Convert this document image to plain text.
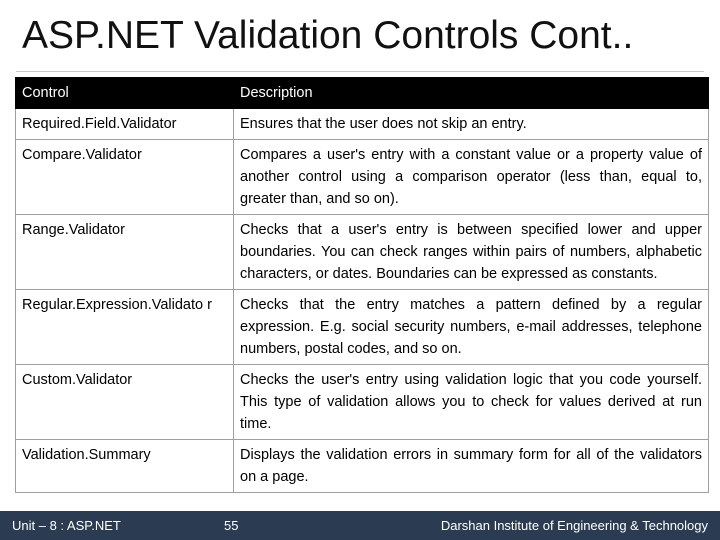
ASP.NET Validation Controls Cont..
Control	Description
Required.Field.Validator	Ensures that the user does not skip an entry.
Compare.Validator	Compares a user's entry with a constant value or a property value of another control using a comparison operator (less than, equal to, greater than, and so on).
Range.Validator	Checks that a user's entry is between specified lower and upper boundaries. You can check ranges within pairs of numbers, alphabetic characters, or dates. Boundaries can be expressed as constants.
Regular.Expression.Validato r	Checks that the entry matches a pattern defined by a regular expression. E.g. social security numbers, e-mail addresses, telephone numbers, postal codes, and so on.
Custom.Validator	Checks the user's entry using validation logic that you code yourself. This type of validation allows you to check for values derived at run time.
Validation.Summary	Displays the validation errors in summary form for all of the validators on a page.
Unit – 8 : ASP.NET	55	Darshan Institute of Engineering & Technology
